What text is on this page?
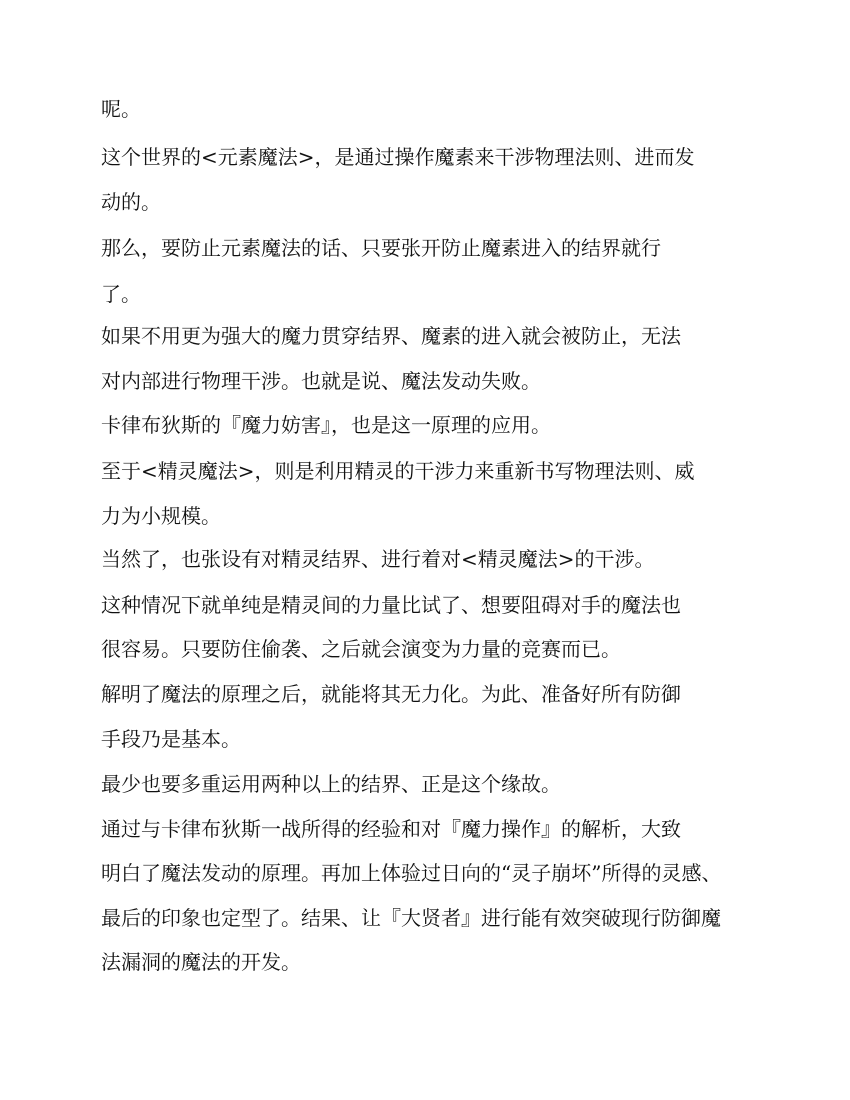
呢。
这个世界的<元素魔法>，是通过操作魔素来干涉物理法则、进而发
动的。
那么，要防止元素魔法的话、只要张开防止魔素进入的结界就行
了。
如果不用更为强大的魔力贯穿结界、魔素的进入就会被防止，无法
对内部进行物理干涉。也就是说、魔法发动失败。
卡律布狄斯的『魔力妨害』，也是这一原理的应用。
至于<精灵魔法>，则是利用精灵的干涉力来重新书写物理法则、威
力为小规模。
当然了，也张设有对精灵结界、进行着对<精灵魔法>的干涉。
这种情况下就单纯是精灵间的力量比试了、想要阻碍对手的魔法也
很容易。只要防住偷袭、之后就会演变为力量的竞赛而已。
解明了魔法的原理之后，就能将其无力化。为此、准备好所有防御
手段乃是基本。
最少也要多重运用两种以上的结界、正是这个缘故。
通过与卡律布狄斯一战所得的经验和对『魔力操作』的解析，大致
明白了魔法发动的原理。再加上体验过日向的“灵子崩坏”所得的灵感、
最后的印象也定型了。结果、让『大贤者』进行能有效突破现行防御魔
法漏洞的魔法的开发。
